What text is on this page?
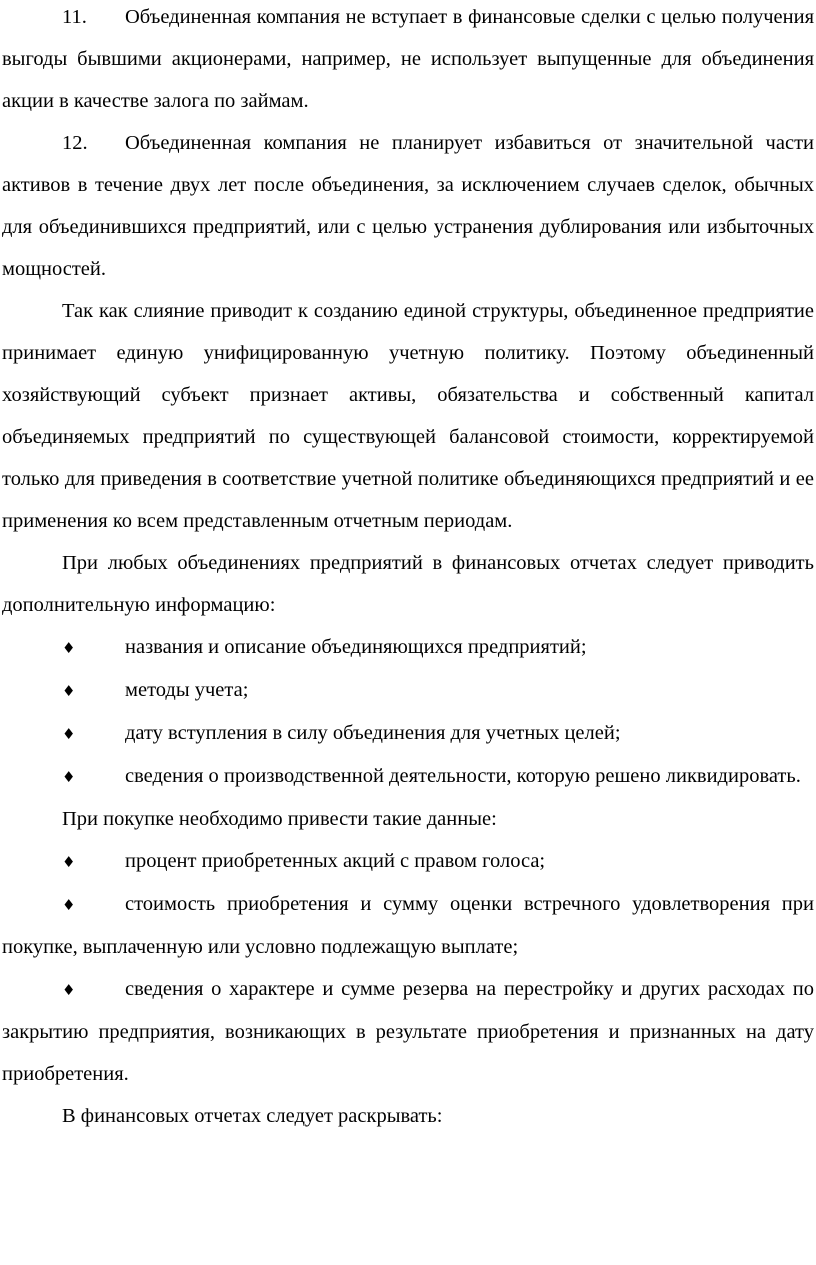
11. Объединенная компания не вступает в финансовые сделки с целью получения выгоды бывшими акционерами, например, не использует выпущенные для объединения акции в качестве залога по займам.

12. Объединенная компания не планирует избавиться от значительной части активов в течение двух лет после объединения, за исключением случаев сделок, обычных для объединившихся предприятий, или с целью устранения дублирования или избыточных мощностей.

Так как слияние приводит к созданию единой структуры, объединенное предприятие принимает единую унифицированную учетную политику. Поэтому объединенный хозяйствующий субъект признает активы, обязательства и собственный капитал объединяемых предприятий по существующей балансовой стоимости, корректируемой только для приведения в соответствие учетной политике объединяющихся предприятий и ее применения ко всем представленным отчетным периодам.

При любых объединениях предприятий в финансовых отчетах следует приводить дополнительную информацию:

♦ названия и описание объединяющихся предприятий;

♦ методы учета;

♦ дату вступления в силу объединения для учетных целей;

♦ сведения о производственной деятельности, которую решено ликвидировать.

При покупке необходимо привести такие данные:

♦ процент приобретенных акций с правом голоса;

♦ стоимость приобретения и сумму оценки встречного удовлетворения при покупке, выплаченную или условно подлежащую выплате;

♦ сведения о характере и сумме резерва на перестройку и других расходах по закрытию предприятия, возникающих в результате приобретения и признанных на дату приобретения.

В финансовых отчетах следует раскрывать:
